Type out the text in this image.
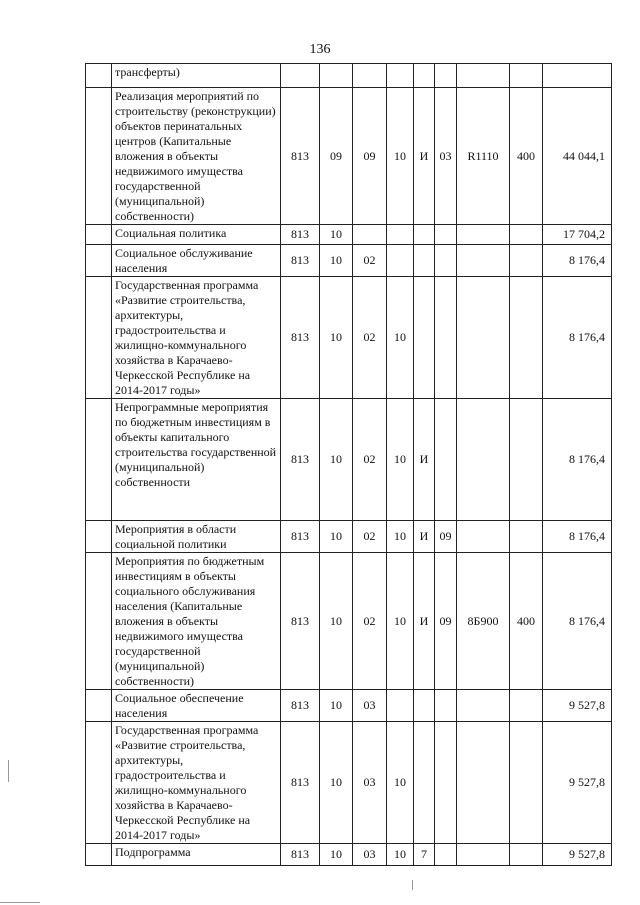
136
	трансферты)									
	Реализация мероприятий по строительству (реконструкции) объектов перинатальных центров (Капитальные вложения в объекты недвижимого имущества государственной (муниципальной) собственности)	813	09	09	10	И	03	R1110	400	44 044,1
	Социальная политика	813	10							17 704,2
	Социальное обслуживание населения	813	10	02						8 176,4
	Государственная программа «Развитие строительства, архитектуры, градостроительства и жилищно-коммунального хозяйства в Карачаево-Черкесской Республике на 2014-2017 годы»	813	10	02	10					8 176,4
	Непрограммные мероприятия по бюджетным инвестициям в объекты капитального строительства государственной (муниципальной) собственности	813	10	02	10	И				8 176,4
	Мероприятия в области социальной политики	813	10	02	10	И	09			8 176,4
	Мероприятия по бюджетным инвестициям в объекты социального обслуживания населения (Капитальные вложения в объекты недвижимого имущества государственной (муниципальной) собственности)	813	10	02	10	И	09	8Б900	400	8 176,4
	Социальное обеспечение населения	813	10	03						9 527,8
	Государственная программа «Развитие строительства, архитектуры, градостроительства и жилищно-коммунального хозяйства в Карачаево-Черкесской Республике на 2014-2017 годы»	813	10	03	10					9 527,8
	Подпрограмма	813	10	03	10	7				9 527,8
